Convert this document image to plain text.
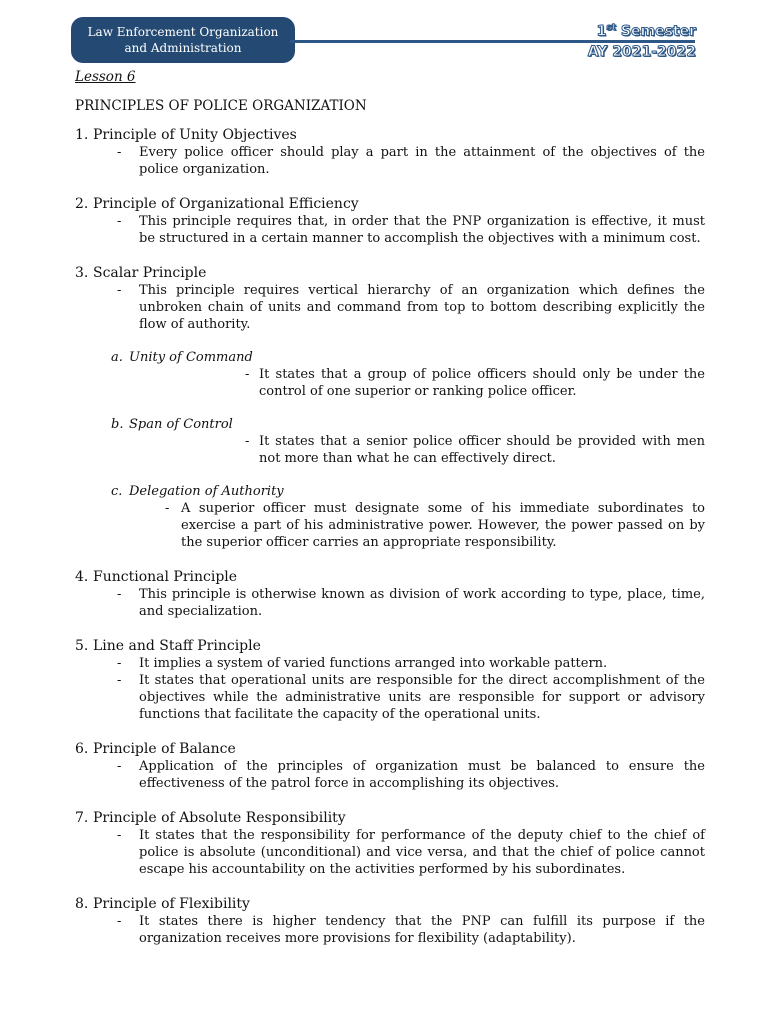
Law Enforcement Organization
and Administration
1st Semester
AY 2021-2022
Lesson 6
PRINCIPLES OF POLICE ORGANIZATION
1. Principle of Unity Objectives
- Every police officer should play a part in the attainment of the objectives of the police organization.
2. Principle of Organizational Efficiency
- This principle requires that, in order that the PNP organization is effective, it must be structured in a certain manner to accomplish the objectives with a minimum cost.
3. Scalar Principle
- This principle requires vertical hierarchy of an organization which defines the unbroken chain of units and command from top to bottom describing explicitly the flow of authority.
a. Unity of Command
- It states that a group of police officers should only be under the control of one superior or ranking police officer.
b. Span of Control
- It states that a senior police officer should be provided with men not more than what he can effectively direct.
c. Delegation of Authority
- A superior officer must designate some of his immediate subordinates to exercise a part of his administrative power. However, the power passed on by the superior officer carries an appropriate responsibility.
4. Functional Principle
- This principle is otherwise known as division of work according to type, place, time, and specialization.
5. Line and Staff Principle
- It implies a system of varied functions arranged into workable pattern.
- It states that operational units are responsible for the direct accomplishment of the objectives while the administrative units are responsible for support or advisory functions that facilitate the capacity of the operational units.
6. Principle of Balance
- Application of the principles of organization must be balanced to ensure the effectiveness of the patrol force in accomplishing its objectives.
7. Principle of Absolute Responsibility
- It states that the responsibility for performance of the deputy chief to the chief of police is absolute (unconditional) and vice versa, and that the chief of police cannot escape his accountability on the activities performed by his subordinates.
8. Principle of Flexibility
- It states there is higher tendency that the PNP can fulfill its purpose if the organization receives more provisions for flexibility (adaptability).
